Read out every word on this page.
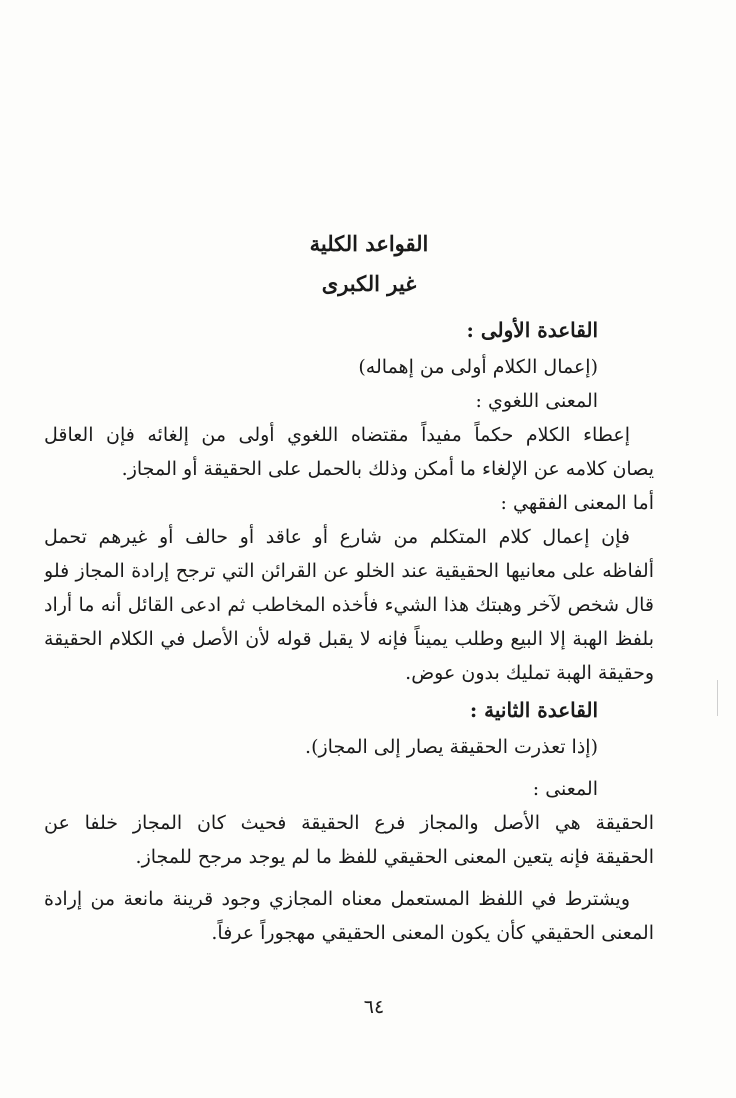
القواعد الكلية

غير الكبرى

القاعدة الأولى :

(إعمال الكلام أولى من إهماله)

المعنى اللغوي :

إعطاء الكلام حكماً مفيداً مقتضاه اللغوي أولى من إلغائه فإن العاقل

يصان كلامه عن الإلغاء ما أمكن وذلك بالحمل على الحقيقة أو المجاز.

أما المعنى الفقهي :

فإن إعمال كلام المتكلم من شارع أو عاقد أو حالف أو غيرهم تحمل

ألفاظه على معانيها الحقيقية عند الخلو عن القرائن التي ترجح إرادة المجاز فلو

قال شخص لآخر وهبتك هذا الشيء فأخذه المخاطب ثم ادعى القائل أنه ما أراد

بلفظ الهبة إلا البيع وطلب يميناً فإنه لا يقبل قوله لأن الأصل في الكلام الحقيقة

وحقيقة الهبة تمليك بدون عوض.

القاعدة الثانية :

(إذا تعذرت الحقيقة يصار إلى المجاز).

المعنى :

الحقيقة هي الأصل والمجاز فرع الحقيقة فحيث كان المجاز خلفا عن

الحقيقة فإنه يتعين المعنى الحقيقي للفظ ما لم يوجد مرجح للمجاز.

ويشترط في اللفظ المستعمل معناه المجازي وجود قرينة مانعة من إرادة

المعنى الحقيقي كأن يكون المعنى الحقيقي مهجوراً عرفاً.

٦٤
